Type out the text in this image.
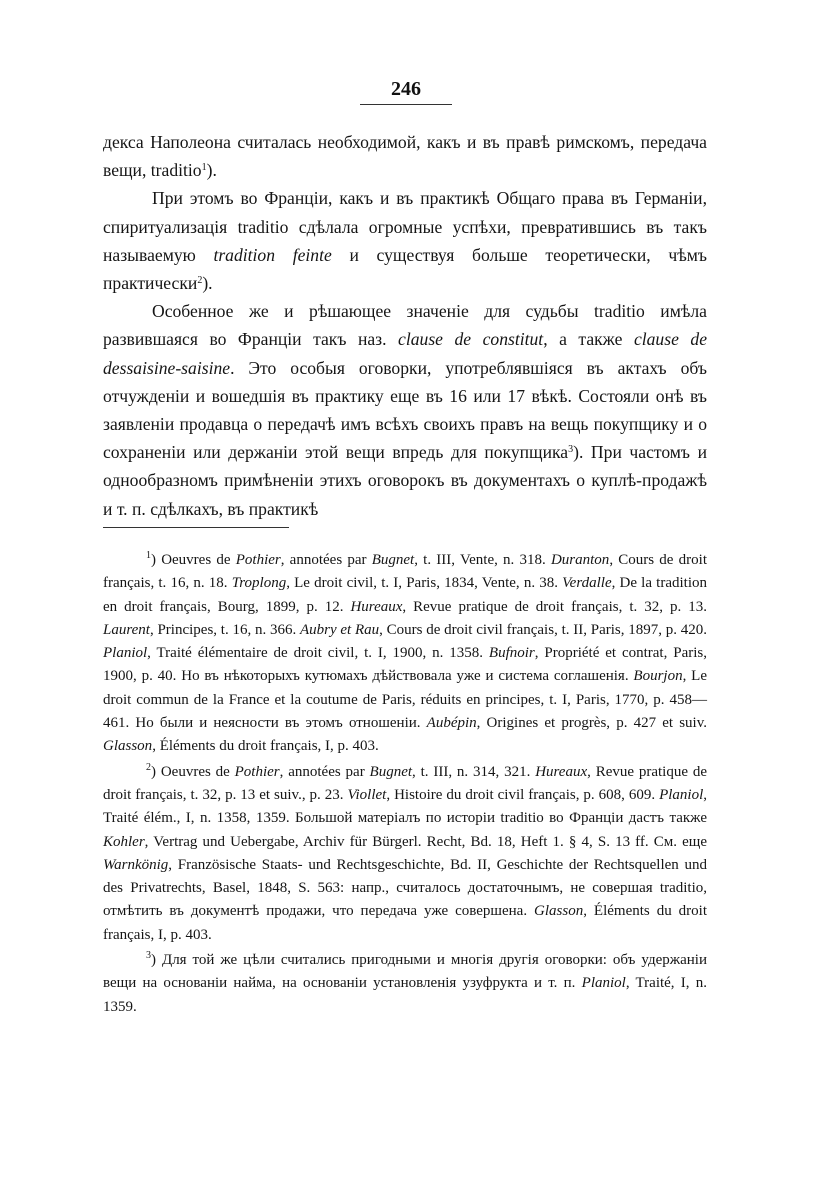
246

декса Наполеона считалась необходимой, какъ и въ правѣ римскомъ, передача вещи, traditio$^1$).

При этомъ во Франціи, какъ и въ практикѣ Общаго права въ Германіи, спиритуализація traditio сдѣлала огромные успѣхи, превратившись въ такъ называемую tradition feinte и существуя больше теоретически, чѣмъ практически$^2$).

Особенное же и рѣшающее значеніе для судьбы traditio имѣла развившаяся во Франціи такъ наз. clause de constitut, а также clause de dessaisine-saisine. Это особыя оговорки, употреблявшіяся въ актахъ объ отчужденіи и вошедшія въ практику еще въ 16 или 17 вѣкѣ. Состояли онѣ въ заявленіи продавца о передачѣ имъ всѣхъ своихъ правъ на вещь покупщику и о сохраненіи или держаніи этой вещи впредь для покупщика$^3$). При частомъ и однообразномъ примѣненіи этихъ оговорокъ въ документахъ о куплѣ-продажѣ и т. п. сдѣлкахъ, въ практикѣ

$^1$) Oeuvres de Pothier, annotées par Bugnet, t. III, Vente, n. 318. Duranton, Cours de droit français, t. 16, n. 18. Troplong, Le droit civil, t. I, Paris, 1834, Vente, n. 38. Verdalle, De la tradition en droit français, Bourg, 1899, p. 12. Hureaux, Revue pratique de droit français, t. 32, p. 13. Laurent, Principes, t. 16, n. 366. Aubry et Rau, Cours de droit civil français, t. II, Paris, 1897, p. 420. Planiol, Traité élémentaire de droit civil, t. I, 1900, n. 1358. Bufnoir, Propriété et contrat, Paris, 1900, p. 40. Но въ нѣкоторыхъ кутюмахъ дѣйствовала уже и система соглашенія. Bourjon, Le droit commun de la France et la coutume de Paris, réduits en principes, t. I, Paris, 1770, p. 458—461. Но были и неясности въ этомъ отношеніи. Aubépin, Origines et progrès, p. 427 et suiv. Glasson, Éléments du droit français, I, p. 403.

$^2$) Oeuvres de Pothier, annotées par Bugnet, t. III, n. 314, 321. Hureaux, Revue pratique de droit français, t. 32, p. 13 et suiv., p. 23. Viollet, Histoire du droit civil français, p. 608, 609. Planiol, Traité élém., I, n. 1358, 1359. Большой матеріалъ по исторіи traditio во Франціи дастъ также Kohler, Vertrag und Uebergabe, Archiv für Bürgerl. Recht, Bd. 18, Heft 1. § 4, S. 13 ff. См. еще Warnkönig, Französische Staats- und Rechtsgeschichte, Bd. II, Geschichte der Rechtsquellen und des Privatrechts, Basel, 1848, S. 563: напр., считалось достаточнымъ, не совершая traditio, отмѣтить въ документѣ продажи, что передача уже совершена. Glasson, Éléments du droit français, I, p. 403.

$^3$) Для той же цѣли считались пригодными и многія другія оговорки: объ удержаніи вещи на основаніи найма, на основаніи установленія узуфрукта и т. п. Planiol, Traité, I, n. 1359.
